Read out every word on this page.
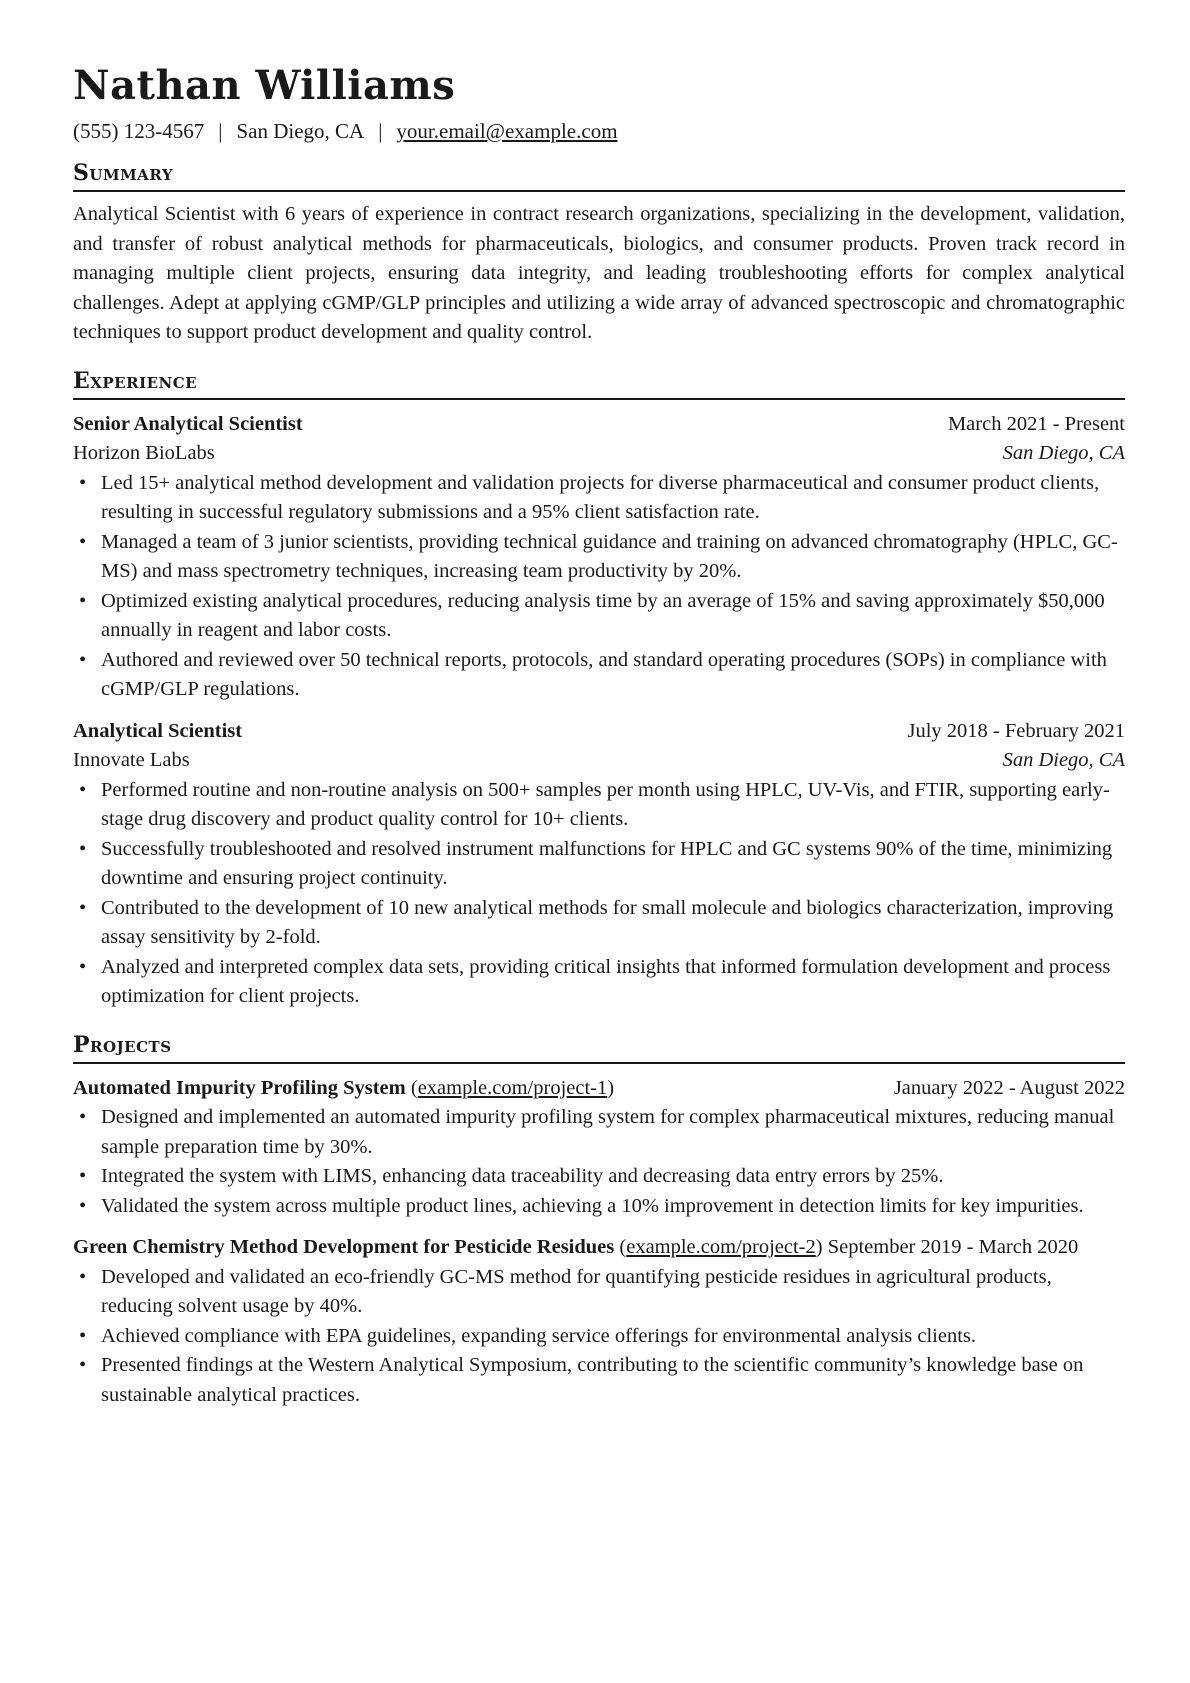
Nathan Williams
(555) 123-4567 | San Diego, CA | your.email@example.com
Summary

Analytical Scientist with 6 years of experience in contract research organizations, specializing in the development, validation, and transfer of robust analytical methods for pharmaceuticals, biologics, and consumer products. Proven track record in managing multiple client projects, ensuring data integrity, and leading troubleshooting efforts for complex analytical challenges. Adept at applying cGMP/GLP principles and utilizing a wide array of advanced spectroscopic and chromatographic techniques to support product development and quality control.

Experience
Senior Analytical Scientist	March 2021 - Present
Horizon BioLabs	San Diego, CA
• Led 15+ analytical method development and validation projects for diverse pharmaceutical and consumer product clients, resulting in successful regulatory submissions and a 95% client satisfaction rate.
• Managed a team of 3 junior scientists, providing technical guidance and training on advanced chromatography (HPLC, GC-MS) and mass spectrometry techniques, increasing team productivity by 20%.
• Optimized existing analytical procedures, reducing analysis time by an average of 15% and saving approximately $50,000 annually in reagent and labor costs.
• Authored and reviewed over 50 technical reports, protocols, and standard operating procedures (SOPs) in compliance with cGMP/GLP regulations.
Analytical Scientist	July 2018 - February 2021
Innovate Labs	San Diego, CA
• Performed routine and non-routine analysis on 500+ samples per month using HPLC, UV-Vis, and FTIR, supporting early-stage drug discovery and product quality control for 10+ clients.
• Successfully troubleshooted and resolved instrument malfunctions for HPLC and GC systems 90% of the time, minimizing downtime and ensuring project continuity.
• Contributed to the development of 10 new analytical methods for small molecule and biologics characterization, improving assay sensitivity by 2-fold.
• Analyzed and interpreted complex data sets, providing critical insights that informed formulation development and process optimization for client projects.
Projects
Automated Impurity Profiling System (example.com/project-1)	January 2022 - August 2022
• Designed and implemented an automated impurity profiling system for complex pharmaceutical mixtures, reducing manual sample preparation time by 30%.
• Integrated the system with LIMS, enhancing data traceability and decreasing data entry errors by 25%.
• Validated the system across multiple product lines, achieving a 10% improvement in detection limits for key impurities.
Green Chemistry Method Development for Pesticide Residues (example.com/project-2) September 2019 - March 2020
• Developed and validated an eco-friendly GC-MS method for quantifying pesticide residues in agricultural products, reducing solvent usage by 40%.
• Achieved compliance with EPA guidelines, expanding service offerings for environmental analysis clients.
• Presented findings at the Western Analytical Symposium, contributing to the scientific community’s knowledge base on sustainable analytical practices.
